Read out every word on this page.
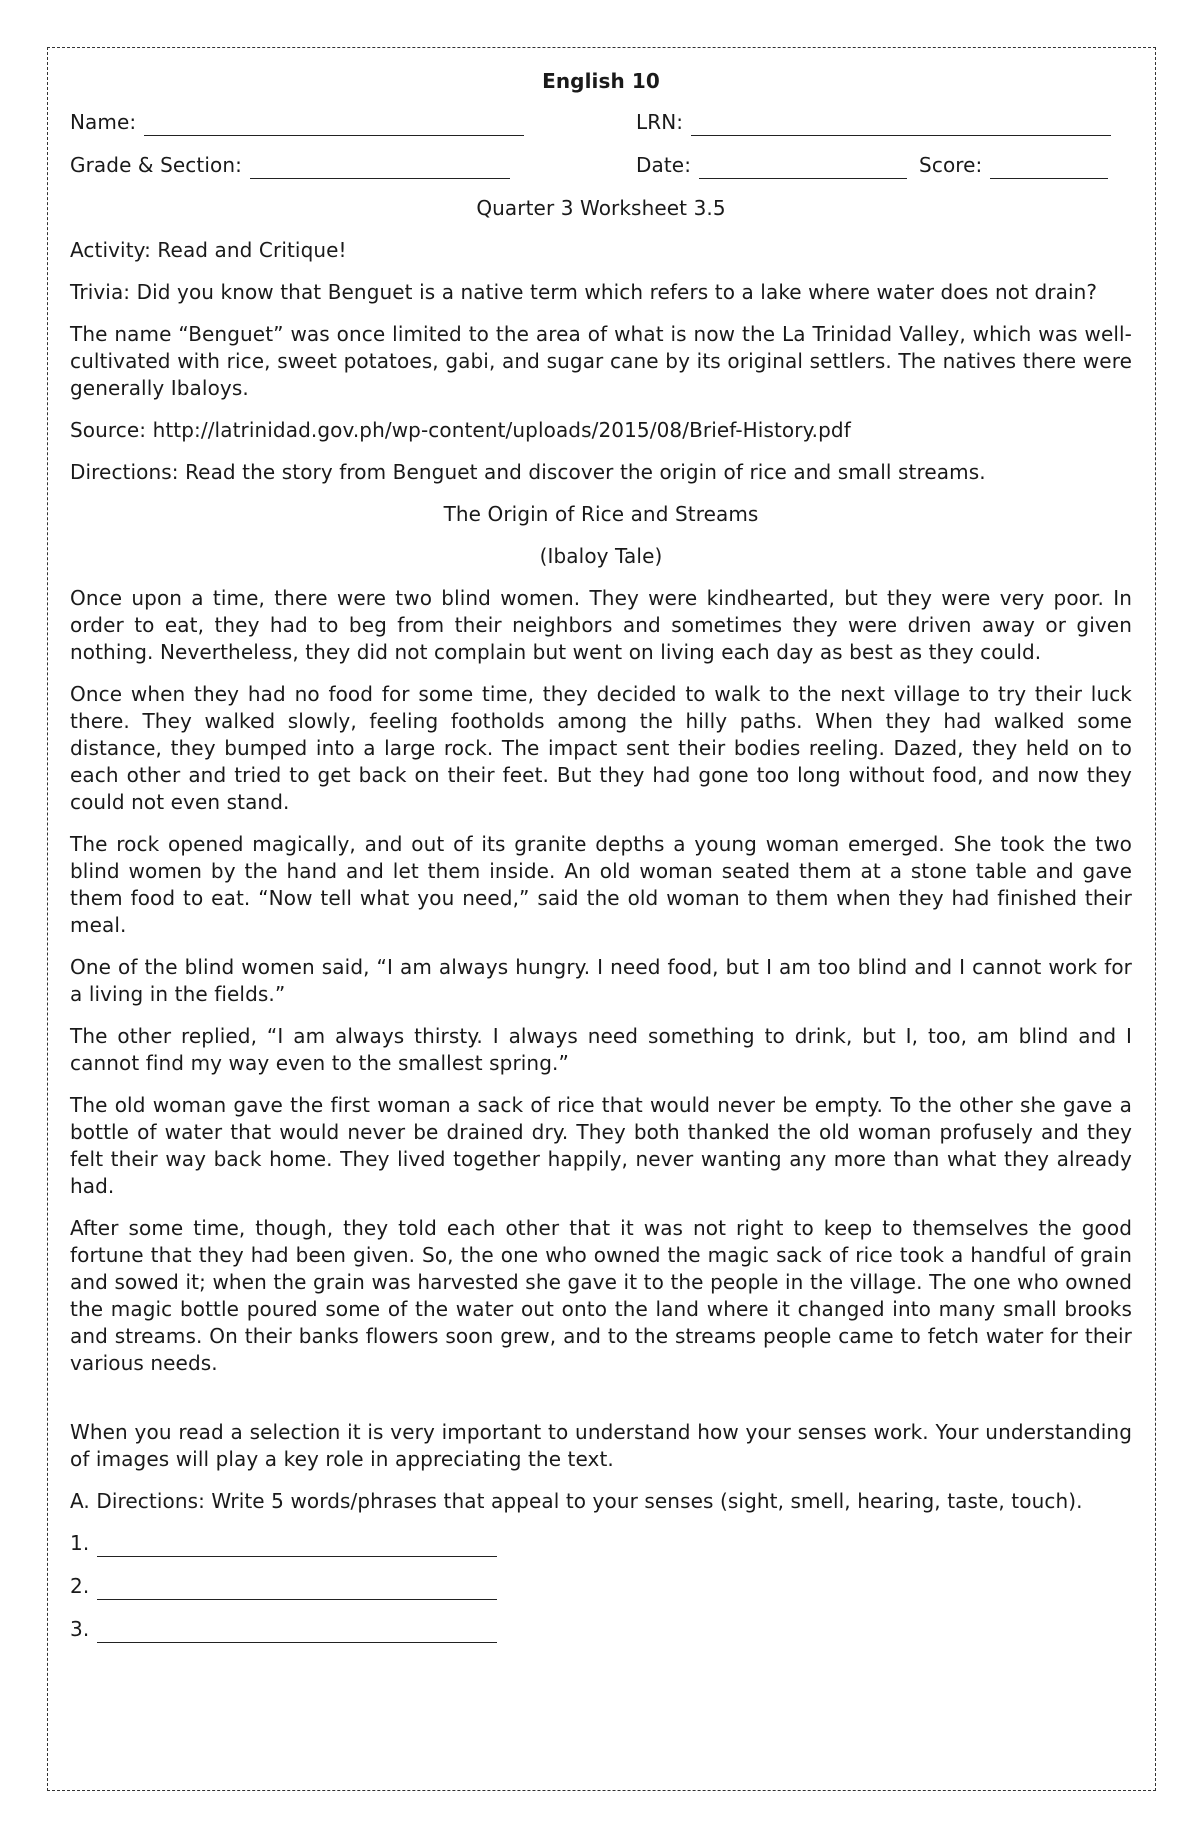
English 10
Name:	LRN:
Grade & Section:	Date:	Score:

Quarter 3 Worksheet 3.5

Activity: Read and Critique!

Trivia: Did you know that Benguet is a native term which refers to a lake where water does not drain?

The name “Benguet” was once limited to the area of what is now the La Trinidad Valley, which was well-cultivated with rice, sweet potatoes, gabi, and sugar cane by its original settlers. The natives there were generally Ibaloys.

Source: http://latrinidad.gov.ph/wp-content/uploads/2015/08/Brief-History.pdf

Directions: Read the story from Benguet and discover the origin of rice and small streams.

The Origin of Rice and Streams

(Ibaloy Tale)

Once upon a time, there were two blind women. They were kindhearted, but they were very poor. In order to eat, they had to beg from their neighbors and sometimes they were driven away or given nothing. Nevertheless, they did not complain but went on living each day as best as they could.

Once when they had no food for some time, they decided to walk to the next village to try their luck there. They walked slowly, feeling footholds among the hilly paths. When they had walked some distance, they bumped into a large rock. The impact sent their bodies reeling. Dazed, they held on to each other and tried to get back on their feet. But they had gone too long without food, and now they could not even stand.

The rock opened magically, and out of its granite depths a young woman emerged. She took the two blind women by the hand and let them inside. An old woman seated them at a stone table and gave them food to eat. “Now tell what you need,” said the old woman to them when they had finished their meal.

One of the blind women said, “I am always hungry. I need food, but I am too blind and I cannot work for a living in the fields.”

The other replied, “I am always thirsty. I always need something to drink, but I, too, am blind and I cannot find my way even to the smallest spring.”

The old woman gave the first woman a sack of rice that would never be empty. To the other she gave a bottle of water that would never be drained dry. They both thanked the old woman profusely and they felt their way back home. They lived together happily, never wanting any more than what they already had.

After some time, though, they told each other that it was not right to keep to themselves the good fortune that they had been given. So, the one who owned the magic sack of rice took a handful of grain and sowed it; when the grain was harvested she gave it to the people in the village. The one who owned the magic bottle poured some of the water out onto the land where it changed into many small brooks and streams. On their banks flowers soon grew, and to the streams people came to fetch water for their various needs.

When you read a selection it is very important to understand how your senses work. Your understanding of images will play a key role in appreciating the text.

A. Directions: Write 5 words/phrases that appeal to your senses (sight, smell, hearing, taste, touch).

1.
2.
3.
